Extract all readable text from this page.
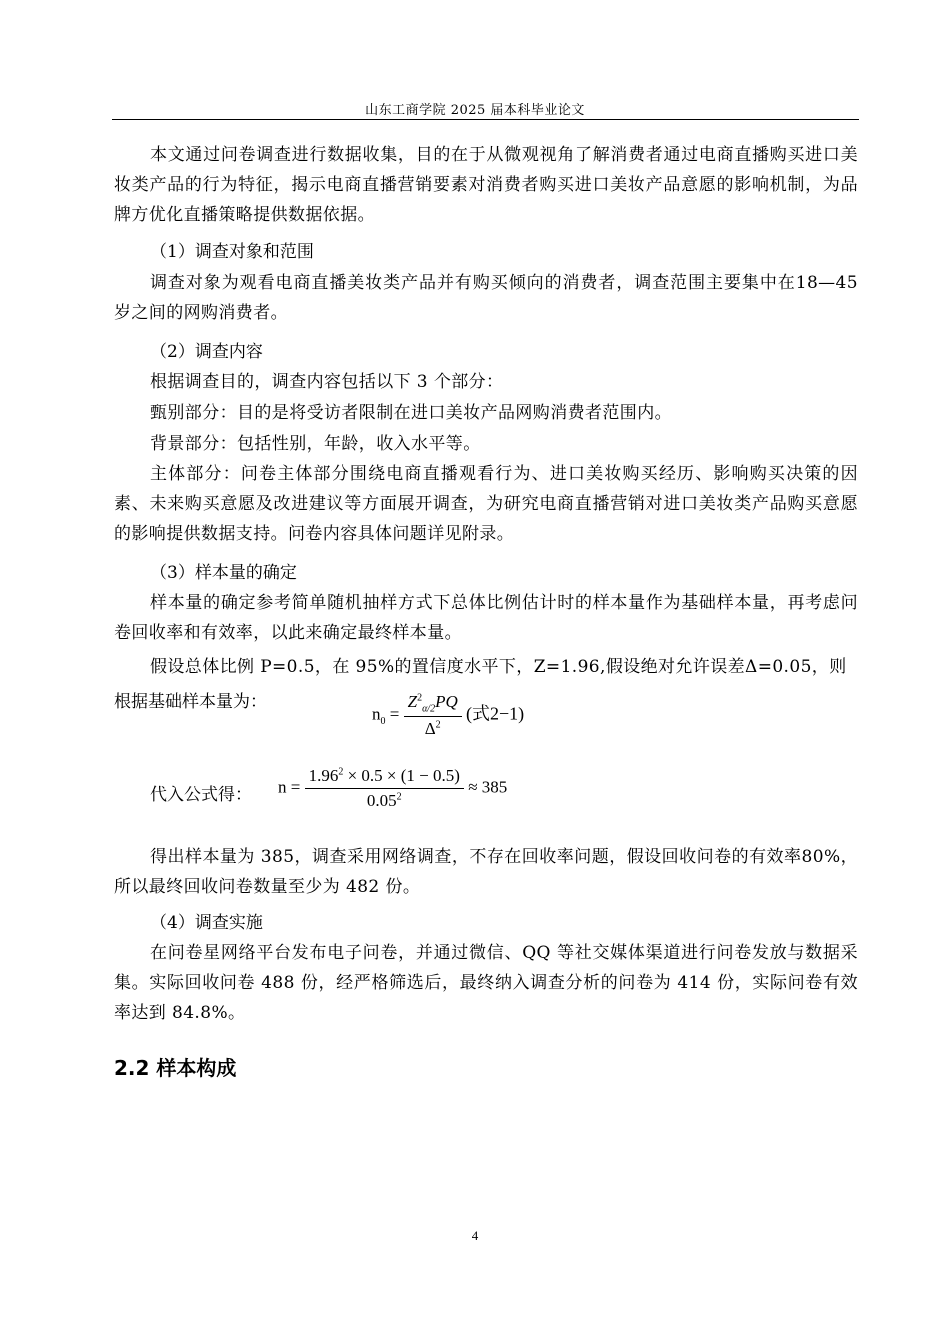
山东工商学院 2025 届本科毕业论文
本文通过问卷调查进行数据收集，目的在于从微观视角了解消费者通过电商直播购买进口美妆类产品的行为特征，揭示电商直播营销要素对消费者购买进口美妆产品意愿的影响机制，为品牌方优化直播策略提供数据依据。
（1）调查对象和范围
调查对象为观看电商直播美妆类产品并有购买倾向的消费者，调查范围主要集中在18—45 岁之间的网购消费者。
（2）调查内容
根据调查目的，调查内容包括以下 3 个部分：
甄别部分：目的是将受访者限制在进口美妆产品网购消费者范围内。
背景部分：包括性别，年龄，收入水平等。
主体部分：问卷主体部分围绕电商直播观看行为、进口美妆购买经历、影响购买决策的因素、未来购买意愿及改进建议等方面展开调查，为研究电商直播营销对进口美妆类产品购买意愿的影响提供数据支持。问卷内容具体问题详见附录。
（3）样本量的确定
样本量的确定参考简单随机抽样方式下总体比例估计时的样本量作为基础样本量，再考虑问卷回收率和有效率，以此来确定最终样本量。
假设总体比例 P=0.5，在 95%的置信度水平下，Z=1.96,假设绝对允许误差Δ=0.05，则
根据基础样本量为：
$n_0 = \frac{Z^2_{\alpha/2}PQ}{\Delta^2}$ (式2−1)
代入公式得： $n = \frac{1.96^2 \times 0.5 \times (1 - 0.5)}{0.05^2} \approx 385$
得出样本量为 385，调查采用网络调查，不存在回收率问题，假设回收问卷的有效率80%，所以最终回收问卷数量至少为 482 份。
（4）调查实施
在问卷星网络平台发布电子问卷，并通过微信、QQ 等社交媒体渠道进行问卷发放与数据采集。实际回收问卷 488 份，经严格筛选后，最终纳入调查分析的问卷为 414 份，实际问卷有效率达到 84.8%。
2.2 样本构成
4
